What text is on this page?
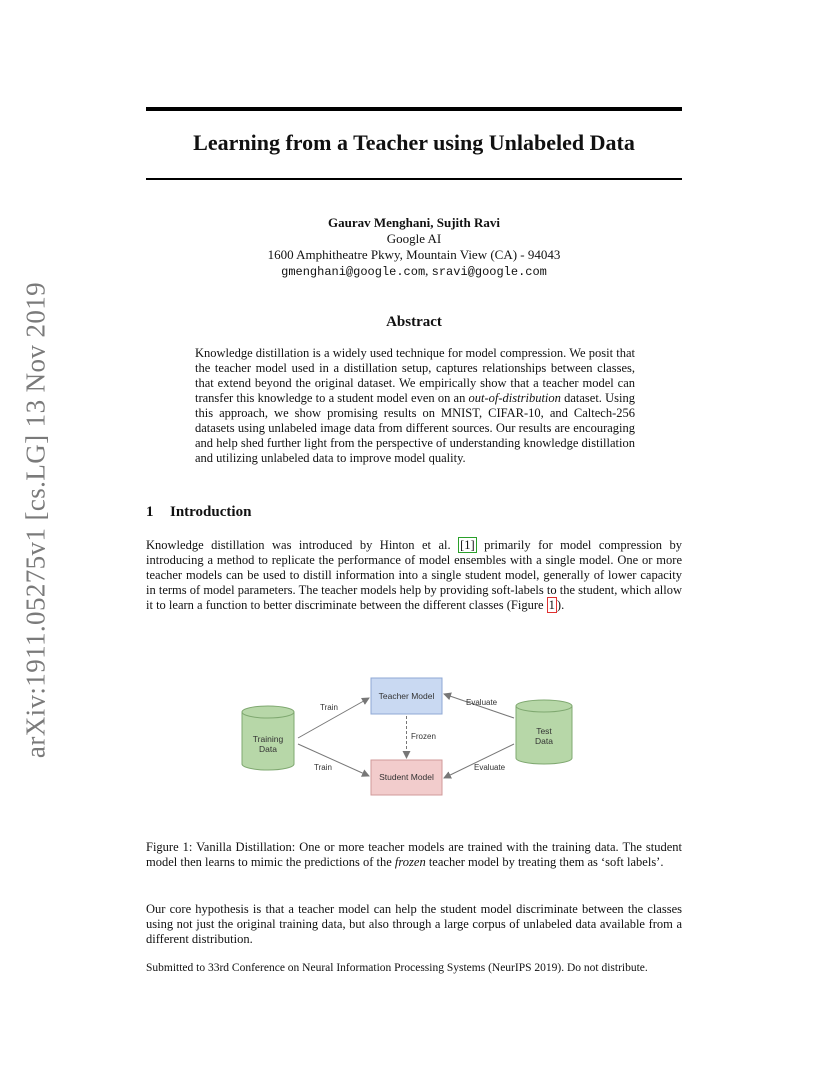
arXiv:1911.05275v1 [cs.LG] 13 Nov 2019
Learning from a Teacher using Unlabeled Data
Gaurav Menghani, Sujith Ravi
Google AI
1600 Amphitheatre Pkwy, Mountain View (CA) - 94043
gmenghani@google.com, sravi@google.com
Abstract
Knowledge distillation is a widely used technique for model compression. We posit that the teacher model used in a distillation setup, captures relationships between classes, that extend beyond the original dataset. We empirically show that a teacher model can transfer this knowledge to a student model even on an out-of-distribution dataset. Using this approach, we show promising results on MNIST, CIFAR-10, and Caltech-256 datasets using unlabeled image data from different sources. Our results are encouraging and help shed further light from the perspective of understanding knowledge distillation and utilizing unlabeled data to improve model quality.
1 Introduction
Knowledge distillation was introduced by Hinton et al. [1] primarily for model compression by introducing a method to replicate the performance of model ensembles with a single model. One or more teacher models can be used to distill information into a single student model, generally of lower capacity in terms of model parameters. The teacher models help by providing soft-labels to the student, which allow it to learn a function to better discriminate between the different classes (Figure 1 ).
Training
Data
Test
Data
Teacher Model
Student Model
Train
Train
Evaluate
Evaluate
Frozen
Figure 1: Vanilla Distillation: One or more teacher models are trained with the training data. The student model then learns to mimic the predictions of the frozen teacher model by treating them as ‘soft labels’.
Our core hypothesis is that a teacher model can help the student model discriminate between the classes using not just the original training data, but also through a large corpus of unlabeled data available from a different distribution.
Submitted to 33rd Conference on Neural Information Processing Systems (NeurIPS 2019). Do not distribute.
